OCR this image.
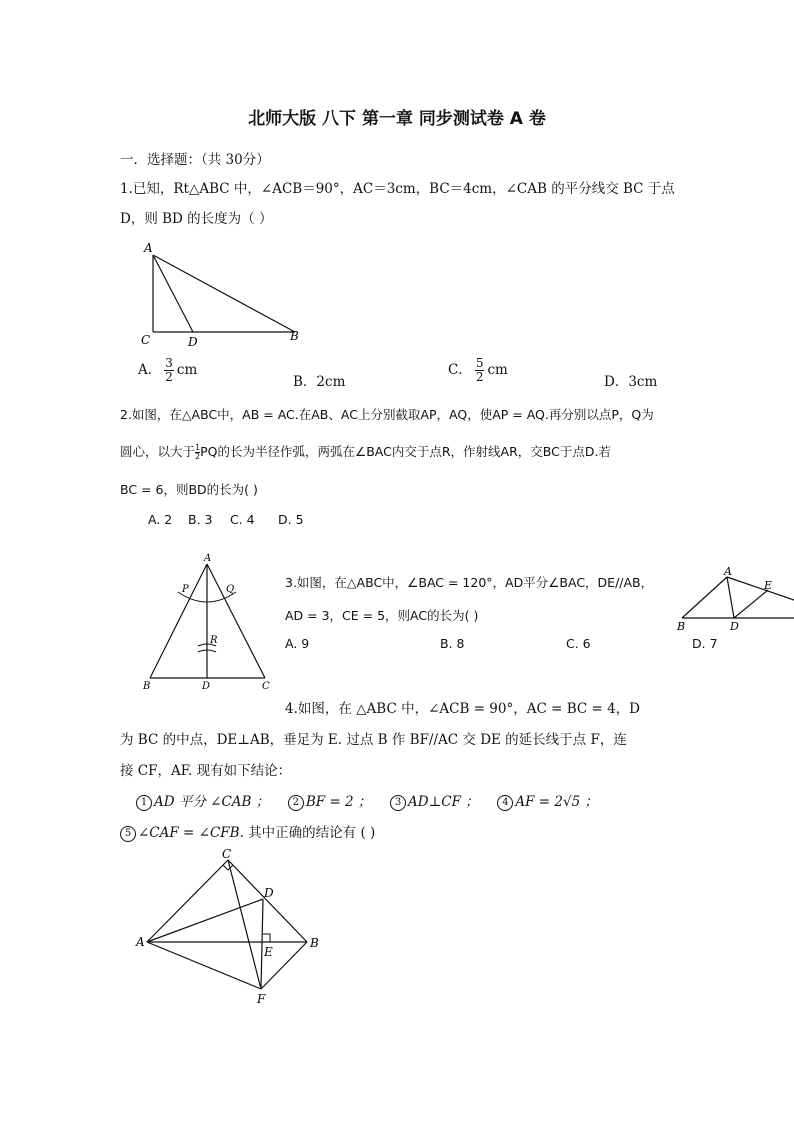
北师大版 八下 第一章 同步测试卷 A 卷
一．选择题：（共 30分）
1.已知，Rt△ABC 中，∠ACB＝90°，AC＝3cm，BC＝4cm，∠CAB 的平分线交 BC 于点
D，则 BD 的长度为（ ）
A
C	D	B
A． $\frac{3}{2}$ cm
B．2cm
C． $\frac{5}{2}$ cm
D．3cm
2.如图，在△ABC中，AB = AC.在AB、AC上分别截取AP，AQ，使AP = AQ.再分别以点P，Q为
圆心，以大于 $\frac{1}{2}$ PQ的长为半径作弧，两弧在∠BAC内交于点R，作射线AR，交BC于点D.若
BC = 6，则BD的长为( )
A. 2 B. 3 C. 4 D. 5
A
P	Q
R
B	D	C
3.如图，在△ABC中，∠BAC = 120°，AD平分∠BAC，DE//AB，
AD = 3，CE = 5，则AC的长为( )
A. 9	B. 8	C. 6	D. 7
A
E
B	D
4.如图，在 △ABC 中，∠ACB = 90°，AC = BC = 4，D
为 BC 的中点，DE⊥AB，垂足为 E. 过点 B 作 BF//AC 交 DE 的延长线于点 F，连
接 CF，AF. 现有如下结论：
1 AD 平分 ∠CAB ； 2 BF = 2 ； 3 AD⊥CF ； 4 AF = 2√5 ；
5 ∠CAF = ∠CFB. 其中正确的结论有 ( )
C
D
A
E
B
F
